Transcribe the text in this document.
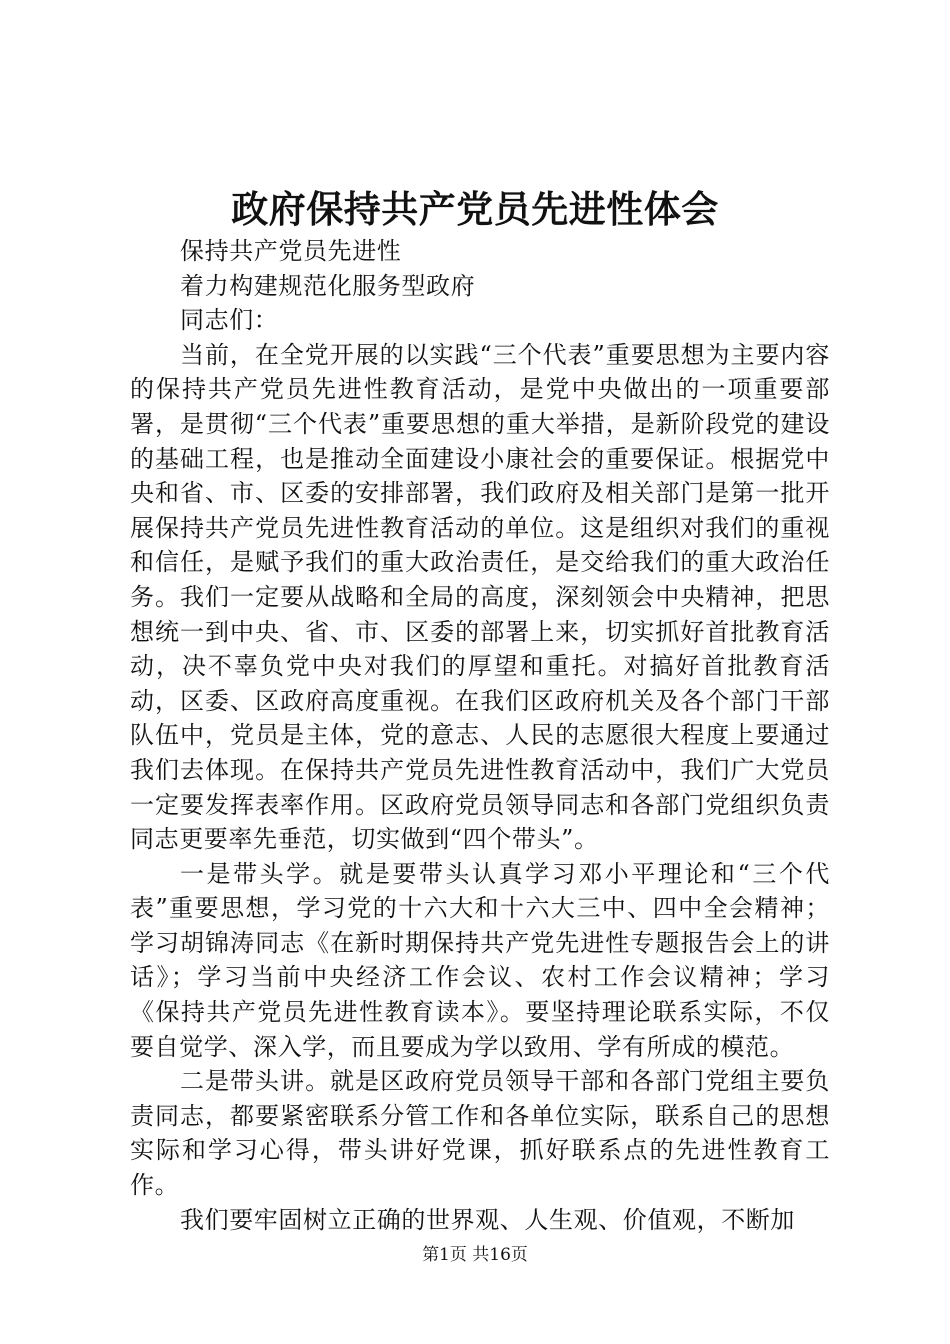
政府保持共产党员先进性体会

保持共产党员先进性

着力构建规范化服务型政府

同志们：

当前，在全党开展的以实践“三个代表”重要思想为主要内容的保持共产党员先进性教育活动，是党中央做出的一项重要部署，是贯彻“三个代表”重要思想的重大举措，是新阶段党的建设的基础工程，也是推动全面建设小康社会的重要保证。根据党中央和省、市、区委的安排部署，我们政府及相关部门是第一批开展保持共产党员先进性教育活动的单位。这是组织对我们的重视和信任，是赋予我们的重大政治责任，是交给我们的重大政治任务。我们一定要从战略和全局的高度，深刻领会中央精神，把思想统一到中央、省、市、区委的部署上来，切实抓好首批教育活动，决不辜负党中央对我们的厚望和重托。对搞好首批教育活动，区委、区政府高度重视。在我们区政府机关及各个部门干部队伍中，党员是主体，党的意志、人民的志愿很大程度上要通过我们去体现。在保持共产党员先进性教育活动中，我们广大党员一定要发挥表率作用。区政府党员领导同志和各部门党组织负责同志更要率先垂范，切实做到“四个带头”。

一是带头学。就是要带头认真学习邓小平理论和“三个代表”重要思想，学习党的十六大和十六大三中、四中全会精神；学习胡锦涛同志《在新时期保持共产党先进性专题报告会上的讲话》；学习当前中央经济工作会议、农村工作会议精神；学习《保持共产党员先进性教育读本》。要坚持理论联系实际，不仅要自觉学、深入学，而且要成为学以致用、学有所成的模范。

二是带头讲。就是区政府党员领导干部和各部门党组主要负责同志，都要紧密联系分管工作和各单位实际，联系自己的思想实际和学习心得，带头讲好党课，抓好联系点的先进性教育工作。

我们要牢固树立正确的世界观、人生观、价值观，不断加

第1页 共16页
